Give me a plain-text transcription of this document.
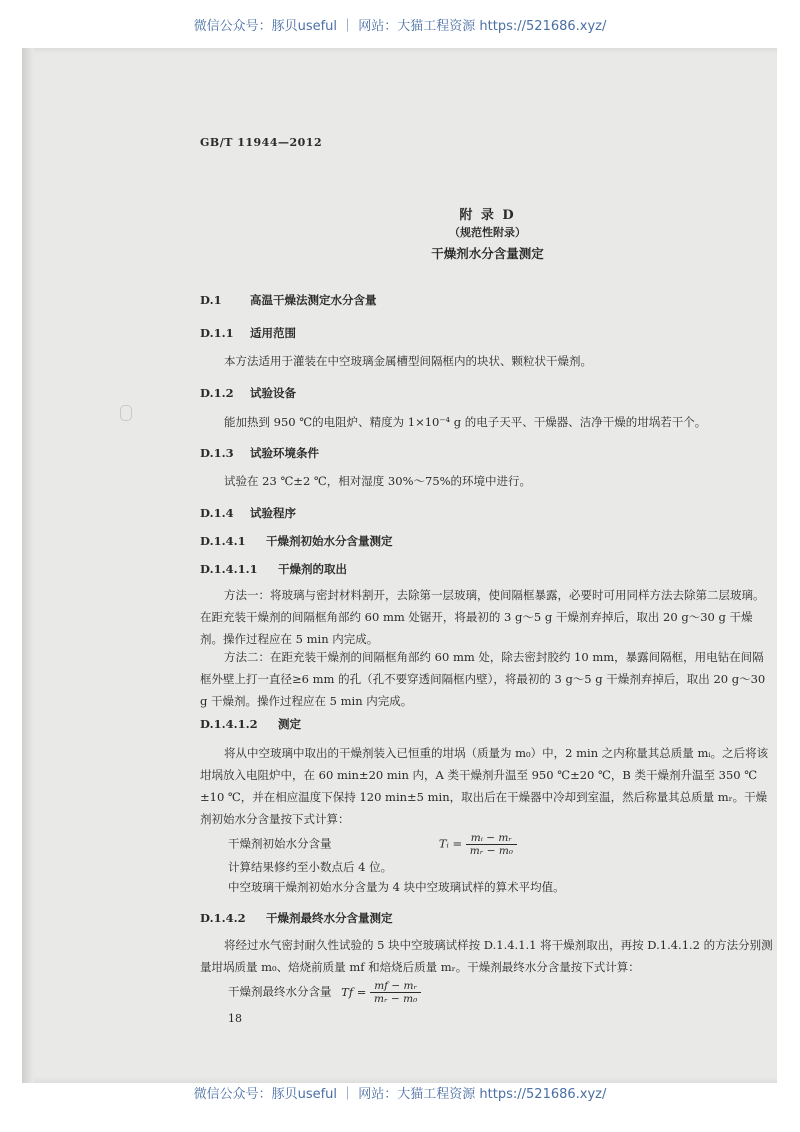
微信公众号：豚贝useful ｜ 网站：大猫工程资源 https://521686.xyz/
GB/T 11944—2012
附 录 D
（规范性附录）
干燥剂水分含量测定
D.1 高温干燥法测定水分含量
D.1.1 适用范围
本方法适用于灌装在中空玻璃金属槽型间隔框内的块状、颗粒状干燥剂。
D.1.2 试验设备
能加热到 950 ℃的电阻炉、精度为 1×10⁻⁴ g 的电子天平、干燥器、洁净干燥的坩埚若干个。
D.1.3 试验环境条件
试验在 23 ℃±2 ℃，相对湿度 30%～75%的环境中进行。
D.1.4 试验程序
D.1.4.1 干燥剂初始水分含量测定
D.1.4.1.1 干燥剂的取出
方法一：将玻璃与密封材料割开，去除第一层玻璃，使间隔框暴露，必要时可用同样方法去除第二层玻璃。在距充装干燥剂的间隔框角部约 60 mm 处锯开，将最初的 3 g～5 g 干燥剂弃掉后，取出 20 g～30 g 干燥剂。操作过程应在 5 min 内完成。
方法二：在距充装干燥剂的间隔框角部约 60 mm 处，除去密封胶约 10 mm，暴露间隔框，用电钻在间隔框外壁上打一直径≥6 mm 的孔（孔不要穿透间隔框内壁），将最初的 3 g～5 g 干燥剂弃掉后，取出 20 g～30 g 干燥剂。操作过程应在 5 min 内完成。
D.1.4.1.2 测定
将从中空玻璃中取出的干燥剂装入已恒重的坩埚（质量为 m₀）中，2 min 之内称量其总质量 mᵢ。之后将该坩埚放入电阻炉中，在 60 min±20 min 内，A 类干燥剂升温至 950 ℃±20 ℃，B 类干燥剂升温至 350 ℃±10 ℃，并在相应温度下保持 120 min±5 min，取出后在干燥器中冷却到室温，然后称量其总质量 mᵣ。干燥剂初始水分含量按下式计算：
干燥剂初始水分含量	Tᵢ = $\frac{\text{mᵢ − mᵣ}}{\text{mᵣ − m₀}}$
计算结果修约至小数点后 4 位。
中空玻璃干燥剂初始水分含量为 4 块中空玻璃试样的算术平均值。
D.1.4.2 干燥剂最终水分含量测定
将经过水气密封耐久性试验的 5 块中空玻璃试样按 D.1.4.1.1 将干燥剂取出，再按 D.1.4.1.2 的方法分别测量坩埚质量 m₀、焙烧前质量 mf 和焙烧后质量 mᵣ。干燥剂最终水分含量按下式计算：
干燥剂最终水分含量 $Tf = \frac{\text{mf − mᵣ}}{\text{mᵣ − m₀}}$
18
微信公众号：豚贝useful ｜ 网站：大猫工程资源 https://521686.xyz/
